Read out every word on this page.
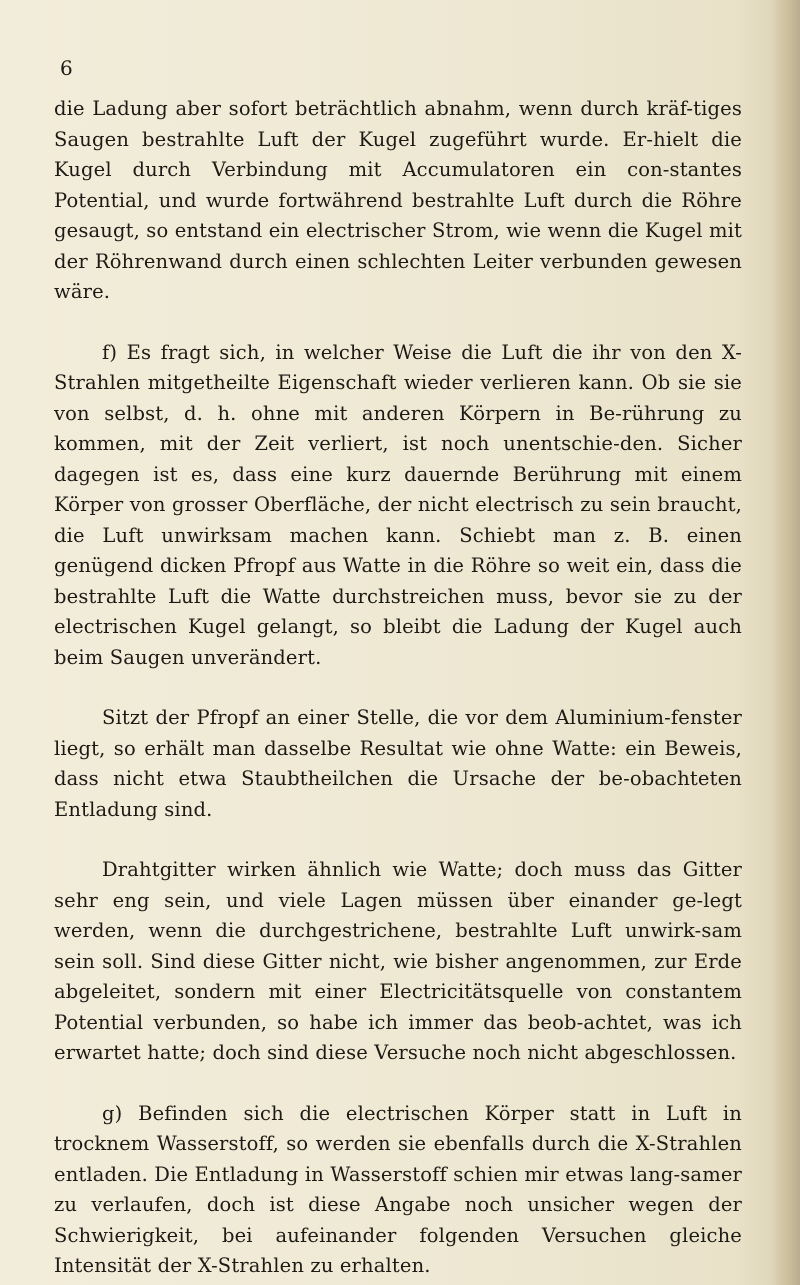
6

die Ladung aber sofort beträchtlich abnahm, wenn durch kräf-tiges Saugen bestrahlte Luft der Kugel zugeführt wurde. Er-hielt die Kugel durch Verbindung mit Accumulatoren ein con-stantes Potential, und wurde fortwährend bestrahlte Luft durch die Röhre gesaugt, so entstand ein electrischer Strom, wie wenn die Kugel mit der Röhrenwand durch einen schlechten Leiter verbunden gewesen wäre.

f) Es fragt sich, in welcher Weise die Luft die ihr von den X-Strahlen mitgetheilte Eigenschaft wieder verlieren kann. Ob sie sie von selbst, d. h. ohne mit anderen Körpern in Be-rührung zu kommen, mit der Zeit verliert, ist noch unentschie-den. Sicher dagegen ist es, dass eine kurz dauernde Berührung mit einem Körper von grosser Oberfläche, der nicht electrisch zu sein braucht, die Luft unwirksam machen kann. Schiebt man z. B. einen genügend dicken Pfropf aus Watte in die Röhre so weit ein, dass die bestrahlte Luft die Watte durchstreichen muss, bevor sie zu der electrischen Kugel gelangt, so bleibt die Ladung der Kugel auch beim Saugen unverändert.

Sitzt der Pfropf an einer Stelle, die vor dem Aluminium-fenster liegt, so erhält man dasselbe Resultat wie ohne Watte: ein Beweis, dass nicht etwa Staubtheilchen die Ursache der be-obachteten Entladung sind.

Drahtgitter wirken ähnlich wie Watte; doch muss das Gitter sehr eng sein, und viele Lagen müssen über einander ge-legt werden, wenn die durchgestrichene, bestrahlte Luft unwirk-sam sein soll. Sind diese Gitter nicht, wie bisher angenommen, zur Erde abgeleitet, sondern mit einer Electricitätsquelle von constantem Potential verbunden, so habe ich immer das beob-achtet, was ich erwartet hatte; doch sind diese Versuche noch nicht abgeschlossen.

g) Befinden sich die electrischen Körper statt in Luft in trocknem Wasserstoff, so werden sie ebenfalls durch die X-Strahlen entladen. Die Entladung in Wasserstoff schien mir etwas lang-samer zu verlaufen, doch ist diese Angabe noch unsicher wegen der Schwierigkeit, bei aufeinander folgenden Versuchen gleiche Intensität der X-Strahlen zu erhalten.
